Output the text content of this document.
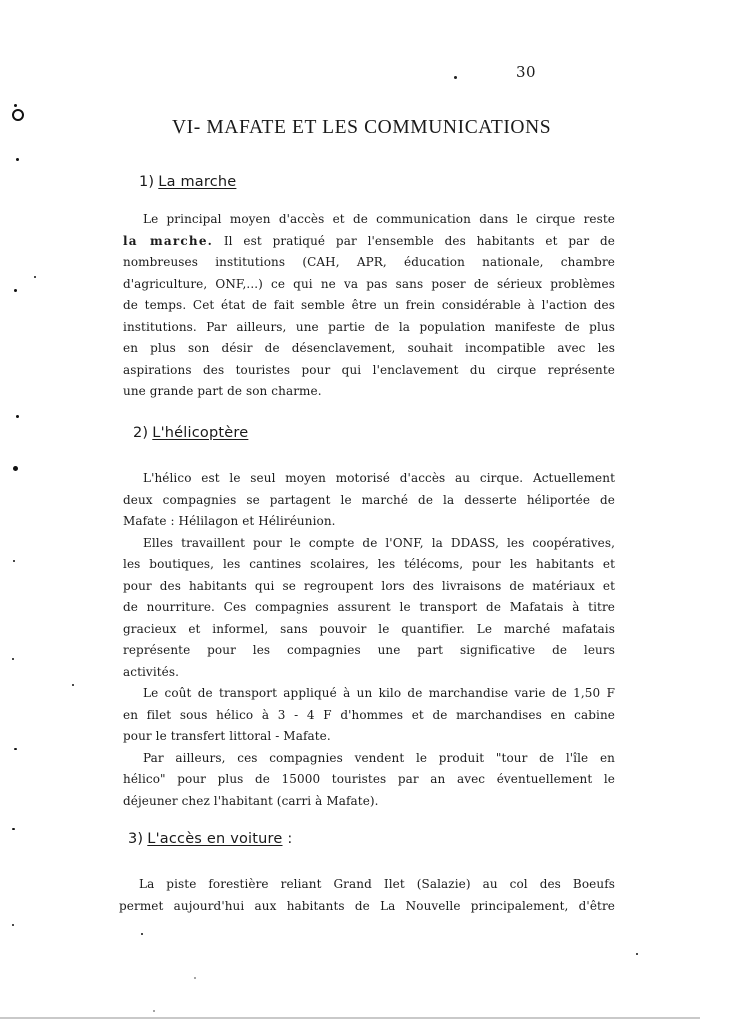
30
VI- MAFATE ET LES COMMUNICATIONS
1) La marche
Le principal moyen d'accès et de communication dans le cirque reste
la marche. Il est pratiqué par l'ensemble des habitants et par de
nombreuses institutions (CAH, APR, éducation nationale, chambre
d'agriculture, ONF,...) ce qui ne va pas sans poser de sérieux problèmes
de temps. Cet état de fait semble être un frein considérable à l'action des
institutions. Par ailleurs, une partie de la population manifeste de plus
en plus son désir de désenclavement, souhait incompatible avec les
aspirations des touristes pour qui l'enclavement du cirque représente
une grande part de son charme.
2) L'hélicoptère
L'hélico est le seul moyen motorisé d'accès au cirque. Actuellement
deux compagnies se partagent le marché de la desserte héliportée de
Mafate : Hélilagon et Héliréunion.
Elles travaillent pour le compte de l'ONF, la DDASS, les coopératives,
les boutiques, les cantines scolaires, les télécoms, pour les habitants et
pour des habitants qui se regroupent lors des livraisons de matériaux et
de nourriture. Ces compagnies assurent le transport de Mafatais à titre
gracieux et informel, sans pouvoir le quantifier. Le marché mafatais
représente pour les compagnies une part significative de leurs
activités.
Le coût de transport appliqué à un kilo de marchandise varie de 1,50 F
en filet sous hélico à 3 - 4 F d'hommes et de marchandises en cabine
pour le transfert littoral - Mafate.
Par ailleurs, ces compagnies vendent le produit "tour de l'île en
hélico" pour plus de 15000 touristes par an avec éventuellement le
déjeuner chez l'habitant (carri à Mafate).
3) L'accès en voiture :
La piste forestière reliant Grand Ilet (Salazie) au col des Boeufs
permet aujourd'hui aux habitants de La Nouvelle principalement, d'être
